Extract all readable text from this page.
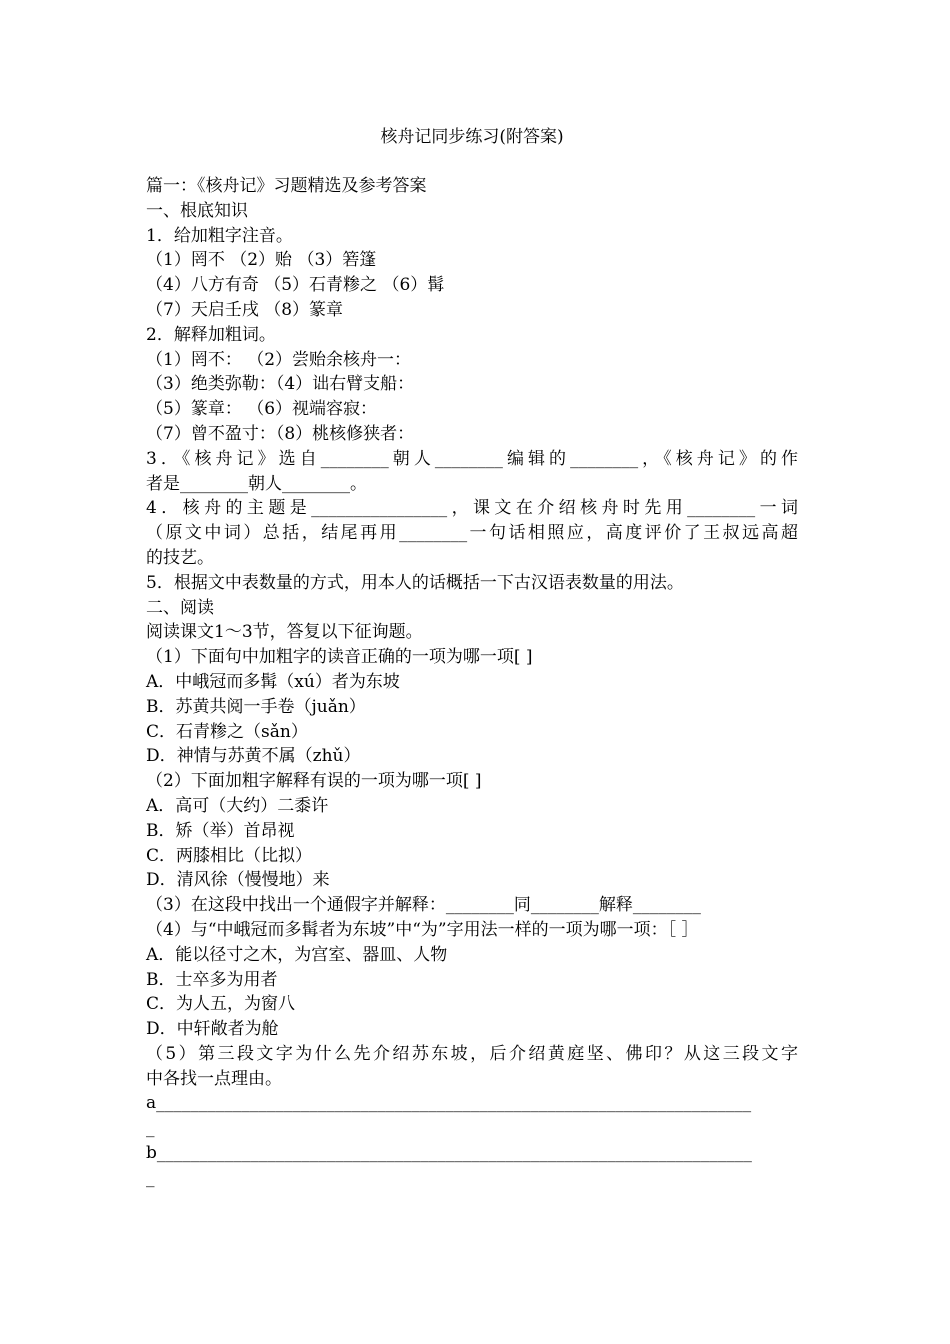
核舟记同步练习(附答案)
篇一：《核舟记》习题精选及参考答案
一、根底知识
1．给加粗字注音。
（1）罔不 （2）贻 （3）箬篷
（4）八方有奇 （5）石青糁之 （6）髯
（7）天启壬戌 （8）篆章
2．解释加粗词。
（1）罔不： （2）尝贻余核舟一：
（3）绝类弥勒：（4）诎右臂支船：
（5）篆章： （6）视端容寂：
（7）曾不盈寸：（8）桃核修狭者：
3．《核舟记》选自________朝人________编辑的________，《核舟记》的作
者是________朝人________。
4．核舟的主题是________________，课文在介绍核舟时先用________一词
（原文中词）总括，结尾再用________一句话相照应，高度评价了王叔远高超
的技艺。
5．根据文中表数量的方式，用本人的话概括一下古汉语表数量的用法。
二、阅读
阅读课文1～3节，答复以下征询题。
（1）下面句中加粗字的读音正确的一项为哪一项[ ]
A．中峨冠而多髯（xú）者为东坡
B．苏黄共阅一手卷（juǎn）
C．石青糁之（sǎn）
D．神情与苏黄不属（zhǔ）
（2）下面加粗字解释有误的一项为哪一项[ ]
A．高可（大约）二黍许
B．矫（举）首昂视
C．两膝相比（比拟）
D．清风徐（慢慢地）来
（3）在这段中找出一个通假字并解释：________同________解释________
（4）与“中峨冠而多髯者为东坡”中“为”字用法一样的一项为哪一项：［ ］
A．能以径寸之木，为宫室、器皿、人物
B．士卒多为用者
C．为人五，为窗八
D．中轩敞者为舱
（5）第三段文字为什么先介绍苏东坡，后介绍黄庭坚、佛印？从这三段文字
中各找一点理由。
a______________________________________________________________________
_
b______________________________________________________________________
_
